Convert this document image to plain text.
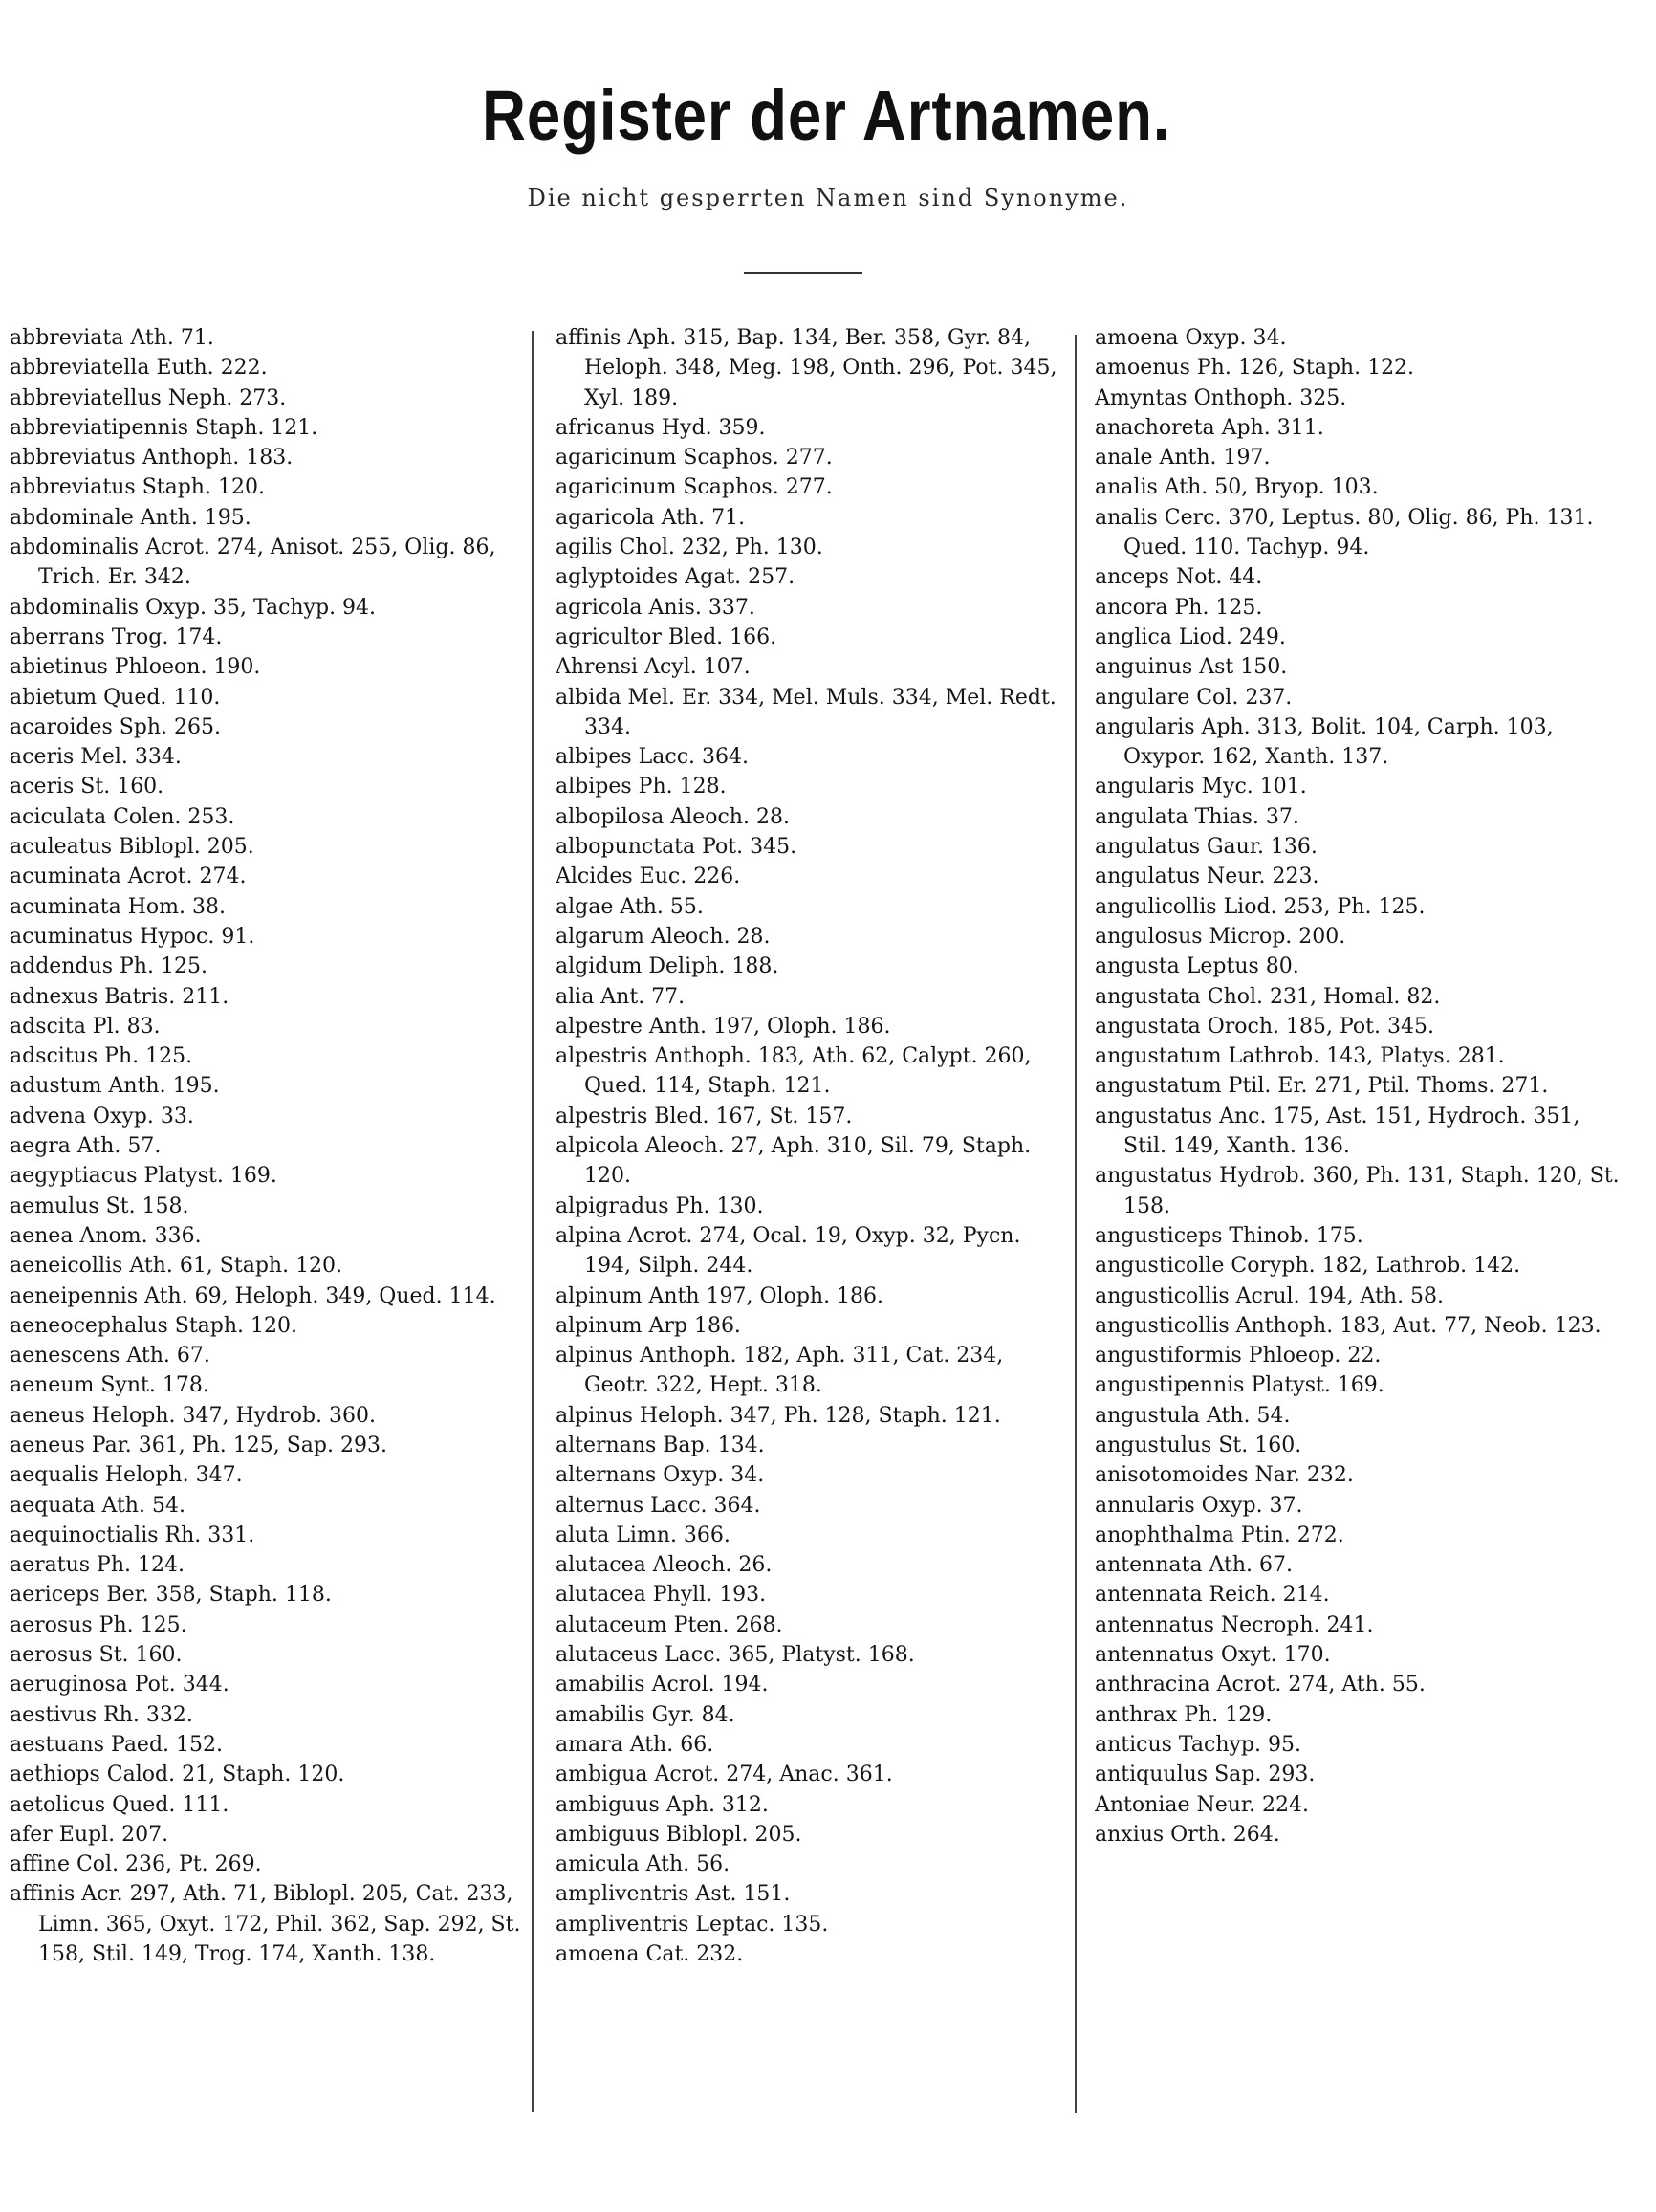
Register der Artnamen.
Die nicht gesperrten Namen sind Synonyme.
abbreviata Ath. 71.
abbreviatella Euth. 222.
abbreviatellus Neph. 273.
abbreviatipennis Staph. 121.
abbreviatus Anthoph. 183.
abbreviatus Staph. 120.
abdominale Anth. 195.
abdominalis Acrot. 274, Anisot. 255, Olig. 86, Trich. Er. 342.
abdominalis Oxyp. 35, Tachyp. 94.
aberrans Trog. 174.
abietinus Phloeon. 190.
abietum Qued. 110.
acaroides Sph. 265.
aceris Mel. 334.
aceris St. 160.
aciculata Colen. 253.
aculeatus Biblopl. 205.
acuminata Acrot. 274.
acuminata Hom. 38.
acuminatus Hypoc. 91.
addendus Ph. 125.
adnexus Batris. 211.
adscita Pl. 83.
adscitus Ph. 125.
adustum Anth. 195.
advena Oxyp. 33.
aegra Ath. 57.
aegyptiacus Platyst. 169.
aemulus St. 158.
aenea Anom. 336.
aeneicollis Ath. 61, Staph. 120.
aeneipennis Ath. 69, Heloph. 349, Qued. 114.
aeneocephalus Staph. 120.
aenescens Ath. 67.
aeneum Synt. 178.
aeneus Heloph. 347, Hydrob. 360.
aeneus Par. 361, Ph. 125, Sap. 293.
aequalis Heloph. 347.
aequata Ath. 54.
aequinoctialis Rh. 331.
aeratus Ph. 124.
aericeps Ber. 358, Staph. 118.
aerosus Ph. 125.
aerosus St. 160.
aeruginosa Pot. 344.
aestivus Rh. 332.
aestuans Paed. 152.
aethiops Calod. 21, Staph. 120.
aetolicus Qued. 111.
afer Eupl. 207.
affine Col. 236, Pt. 269.
affinis Acr. 297, Ath. 71, Biblopl. 205, Cat. 233, Limn. 365, Oxyt. 172, Phil. 362, Sap. 292, St. 158, Stil. 149, Trog. 174, Xanth. 138.
affinis Aph. 315, Bap. 134, Ber. 358, Gyr. 84, Heloph. 348, Meg. 198, Onth. 296, Pot. 345, Xyl. 189.
africanus Hyd. 359.
agaricinum Scaphos. 277.
agaricinum Scaphos. 277.
agaricola Ath. 71.
agilis Chol. 232, Ph. 130.
aglyptoides Agat. 257.
agricola Anis. 337.
agricultor Bled. 166.
Ahrensi Acyl. 107.
albida Mel. Er. 334, Mel. Muls. 334, Mel. Redt. 334.
albipes Lacc. 364.
albipes Ph. 128.
albopilosa Aleoch. 28.
albopunctata Pot. 345.
Alcides Euc. 226.
algae Ath. 55.
algarum Aleoch. 28.
algidum Deliph. 188.
alia Ant. 77.
alpestre Anth. 197, Oloph. 186.
alpestris Anthoph. 183, Ath. 62, Calypt. 260, Qued. 114, Staph. 121.
alpestris Bled. 167, St. 157.
alpicola Aleoch. 27, Aph. 310, Sil. 79, Staph. 120.
alpigradus Ph. 130.
alpina Acrot. 274, Ocal. 19, Oxyp. 32, Pycn. 194, Silph. 244.
alpinum Anth 197, Oloph. 186.
alpinum Arp 186.
alpinus Anthoph. 182, Aph. 311, Cat. 234, Geotr. 322, Hept. 318.
alpinus Heloph. 347, Ph. 128, Staph. 121.
alternans Bap. 134.
alternans Oxyp. 34.
alternus Lacc. 364.
aluta Limn. 366.
alutacea Aleoch. 26.
alutacea Phyll. 193.
alutaceum Pten. 268.
alutaceus Lacc. 365, Platyst. 168.
amabilis Acrol. 194.
amabilis Gyr. 84.
amara Ath. 66.
ambigua Acrot. 274, Anac. 361.
ambiguus Aph. 312.
ambiguus Biblopl. 205.
amicula Ath. 56.
ampliventris Ast. 151.
ampliventris Leptac. 135.
amoena Cat. 232.
amoena Oxyp. 34.
amoenus Ph. 126, Staph. 122.
Amyntas Onthoph. 325.
anachoreta Aph. 311.
anale Anth. 197.
analis Ath. 50, Bryop. 103.
analis Cerc. 370, Leptus. 80, Olig. 86, Ph. 131. Qued. 110. Tachyp. 94.
anceps Not. 44.
ancora Ph. 125.
anglica Liod. 249.
anguinus Ast 150.
angulare Col. 237.
angularis Aph. 313, Bolit. 104, Carph. 103, Oxypor. 162, Xanth. 137.
angularis Myc. 101.
angulata Thias. 37.
angulatus Gaur. 136.
angulatus Neur. 223.
angulicollis Liod. 253, Ph. 125.
angulosus Microp. 200.
angusta Leptus 80.
angustata Chol. 231, Homal. 82.
angustata Oroch. 185, Pot. 345.
angustatum Lathrob. 143, Platys. 281.
angustatum Ptil. Er. 271, Ptil. Thoms. 271.
angustatus Anc. 175, Ast. 151, Hydroch. 351, Stil. 149, Xanth. 136.
angustatus Hydrob. 360, Ph. 131, Staph. 120, St. 158.
angusticeps Thinob. 175.
angusticolle Coryph. 182, Lathrob. 142.
angusticollis Acrul. 194, Ath. 58.
angusticollis Anthoph. 183, Aut. 77, Neob. 123.
angustiformis Phloeop. 22.
angustipennis Platyst. 169.
angustula Ath. 54.
angustulus St. 160.
anisotomoides Nar. 232.
annularis Oxyp. 37.
anophthalma Ptin. 272.
antennata Ath. 67.
antennata Reich. 214.
antennatus Necroph. 241.
antennatus Oxyt. 170.
anthracina Acrot. 274, Ath. 55.
anthrax Ph. 129.
anticus Tachyp. 95.
antiquulus Sap. 293.
Antoniae Neur. 224.
anxius Orth. 264.
